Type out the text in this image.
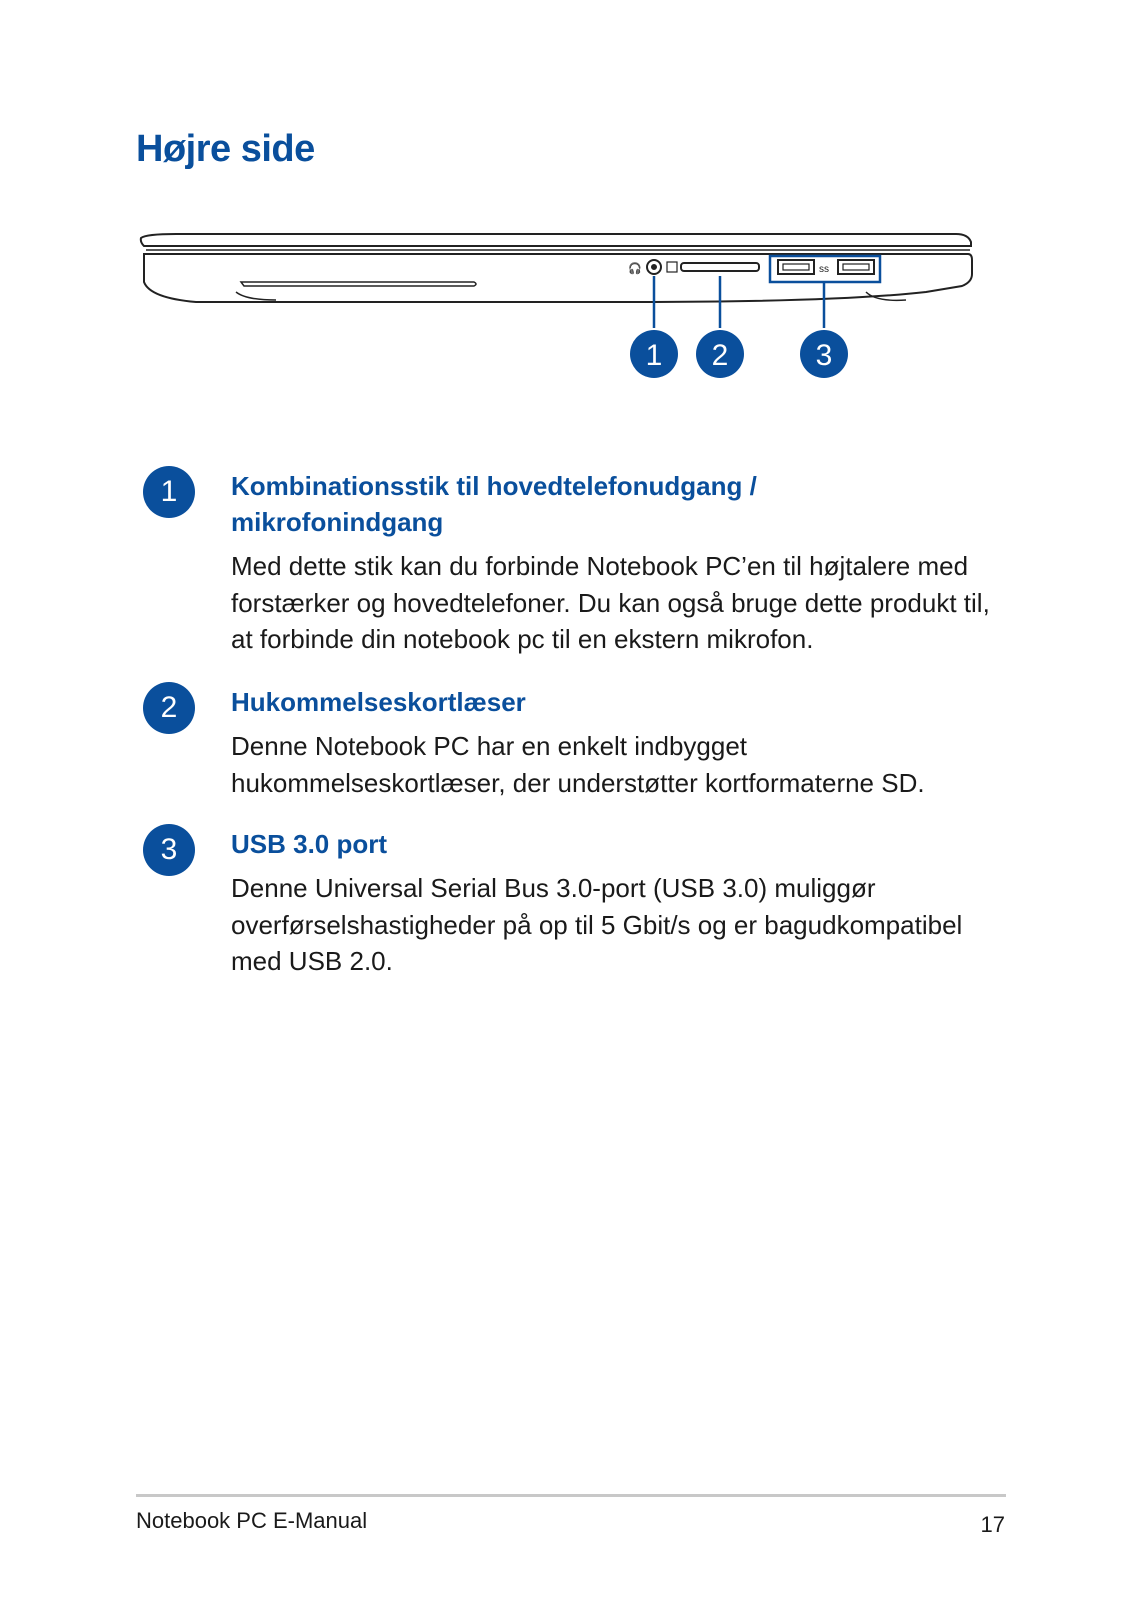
Højre side
🎧	ss
1 2	3
1	Kombinationsstik til hovedtelefonudgang / mikrofonindgang

Med dette stik kan du forbinde Notebook PC’en til højtalere med forstærker og hovedtelefoner. Du kan også bruge dette produkt til, at forbinde din notebook pc til en ekstern mikrofon.

2	Hukommelseskortlæser

Denne Notebook PC har en enkelt indbygget hukommelseskortlæser, der understøtter kortformaterne SD.

3	USB 3.0 port

Denne Universal Serial Bus 3.0-port (USB 3.0) muliggør overførselshastigheder på op til 5 Gbit/s og er bagudkompatibel med USB 2.0.

Notebook PC E-Manual	17
